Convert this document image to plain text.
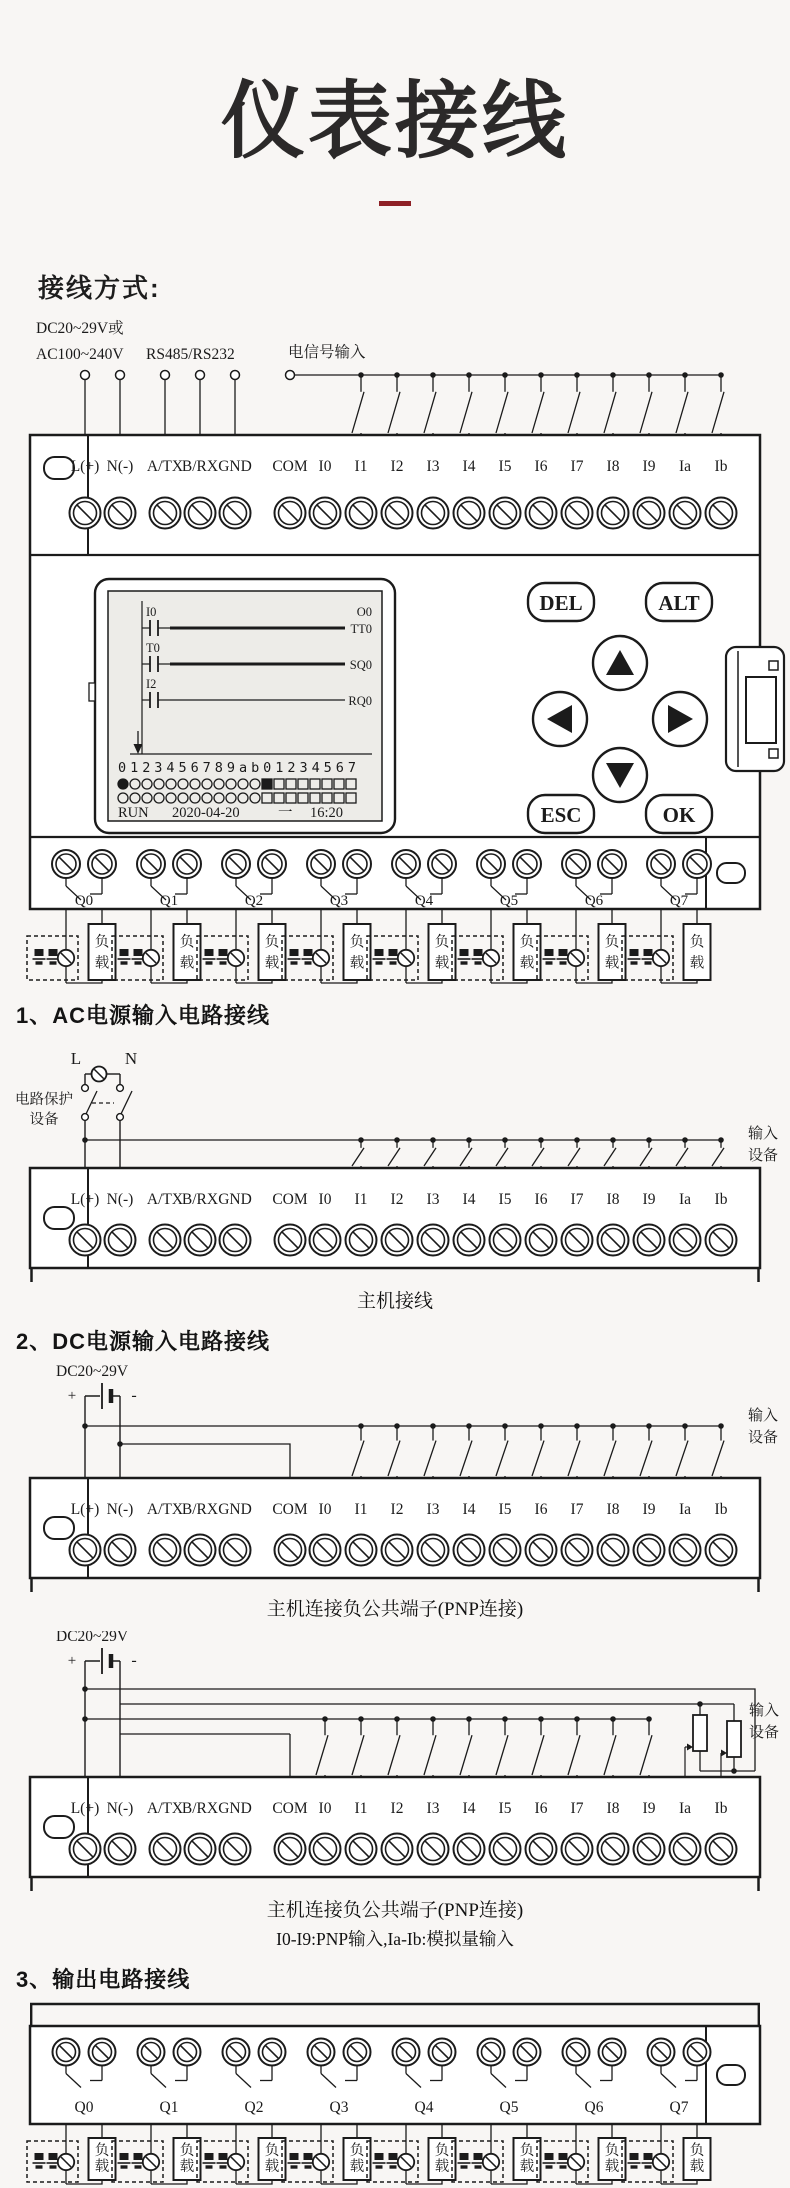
仪表接线
接线方式:
DC20~29V或
AC100~240V RS485/RS232	电信号输入
L(+) N(-) A/TX
B/RX GND COM I0 I1 I2 I3 I4 I5 I6 I7 I8 I9 Ia Ib
I0	O0
TT0
T0
SQ0
I2
RQ0
0123456789ab01234567
RUN 2020-04-20	一 16:20
DEL	ALT
ESC	OK
Q0	Q1	Q2	Q3	Q4	Q5	Q6	Q7
负
载
负
载
负
载
负
载
负
载
负
载
负
载
负
载
1、AC电源输入电路接线
L	N
电路保护
设备
输入
设备
L(+) N(-) A/TX
B/RX GND COM I0 I1 I2 I3 I4 I5 I6 I7 I8 I9 Ia Ib
主机接线
2、DC电源输入电路接线
DC20~29V
+	-
输入
设备
L(+) N(-) A/TX
B/RX GND COM I0 I1 I2 I3 I4 I5 I6 I7 I8 I9 Ia Ib
主机连接负公共端子(PNP连接)
DC20~29V
+	-
输入
设备
L(+) N(-) A/TX
B/RX GND COM I0 I1 I2 I3 I4 I5 I6 I7 I8 I9 Ia Ib
主机连接负公共端子(PNP连接)
I0-I9:PNP输入,Ia-Ib:模拟量输入
3、输出电路接线
Q0	Q1	Q2	Q3	Q4	Q5	Q6	Q7
负
载
负
载
负
载
负
载
负
载
负
载
负
载
负
载
